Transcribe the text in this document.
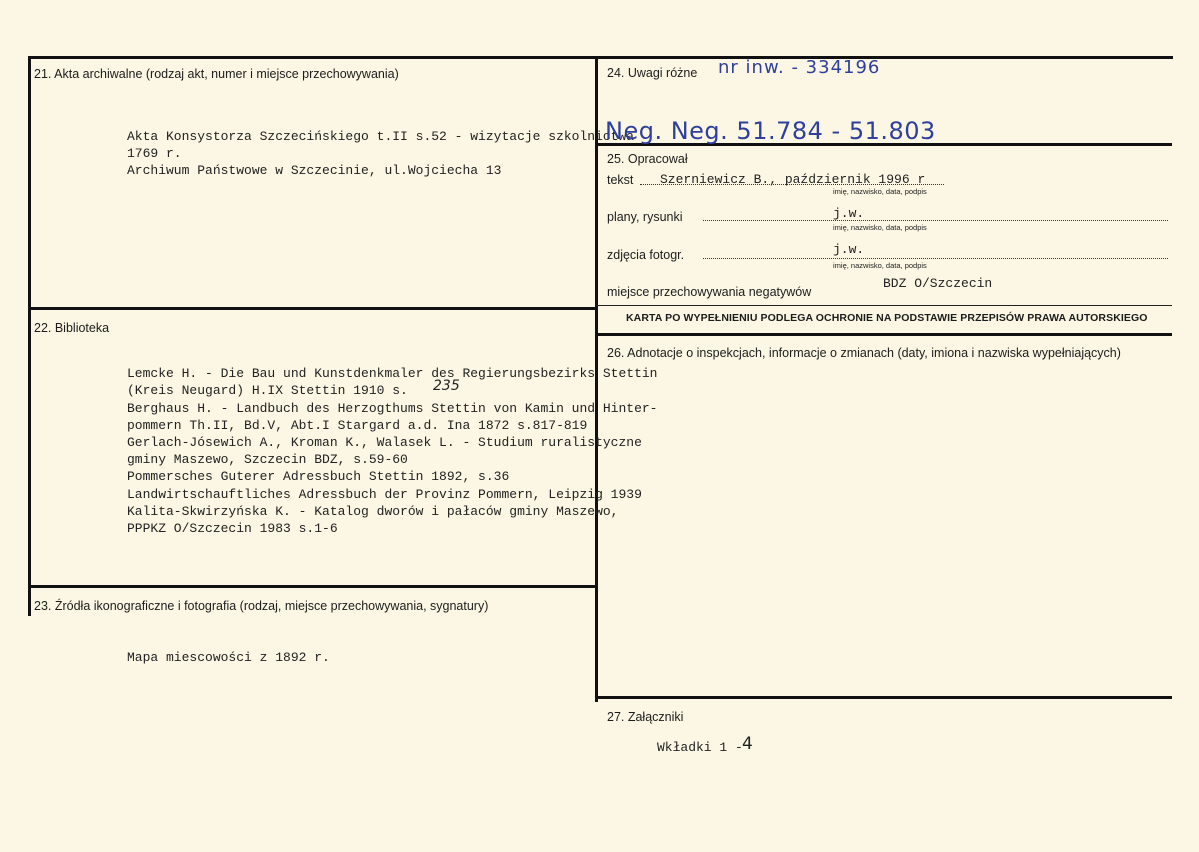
21. Akta archiwalne (rodzaj akt, numer i miejsce przechowywania)
Akta Konsystorza Szczecińskiego t.II s.52 - wizytacje szkolnictwa
1769 r.
Archiwum Państwowe w Szczecinie, ul.Wojciecha 13
22. Biblioteka
Lemcke H. - Die Bau und Kunstdenkmaler des Regierungsbezirks Stettin
(Kreis Neugard) H.IX Stettin 1910 s. 235
Berghaus H. - Landbuch des Herzogthums Stettin von Kamin und Hinter-
pommern Th.II, Bd.V, Abt.I Stargard a.d. Ina 1872 s.817-819
Gerlach-Jósewich A., Kroman K., Walasek L. - Studium ruralistyczne
gminy Maszewo, Szczecin BDZ, s.59-60
Pommersches Guterer Adressbuch Stettin 1892, s.36
Landwirtschauftliches Adressbuch der Provinz Pommern, Leipzig 1939
Kalita-Skwirzyńska K. - Katalog dworów i pałaców gminy Maszewo,
PPPKZ O/Szczecin 1983 s.1-6
23. Źródła ikonograficzne i fotografia (rodzaj, miejsce przechowywania, sygnatury)
Mapa miescowości z 1892 r.
24. Uwagi różne nr inw. - 334196
Neg. Neg. 51.784 - 51.803
25. Opracował
tekst Szerniewicz B., październik 1996 r
imię, nazwisko, data, podpis
plany, rysunki	j.w.
imię, nazwisko, data, podpis
zdjęcia fotogr.	j.w.
imię, nazwisko, data, podpis
miejsce przechowywania negatywów
BDZ O/Szczecin
KARTA PO WYPEŁNIENIU PODLEGA OCHRONIE NA PODSTAWIE PRZEPISÓW PRAWA AUTORSKIEGO
26. Adnotacje o inspekcjach, informacje o zmianach (daty, imiona i nazwiska wypełniających)
27. Załączniki
Wkładki 1 - 4
